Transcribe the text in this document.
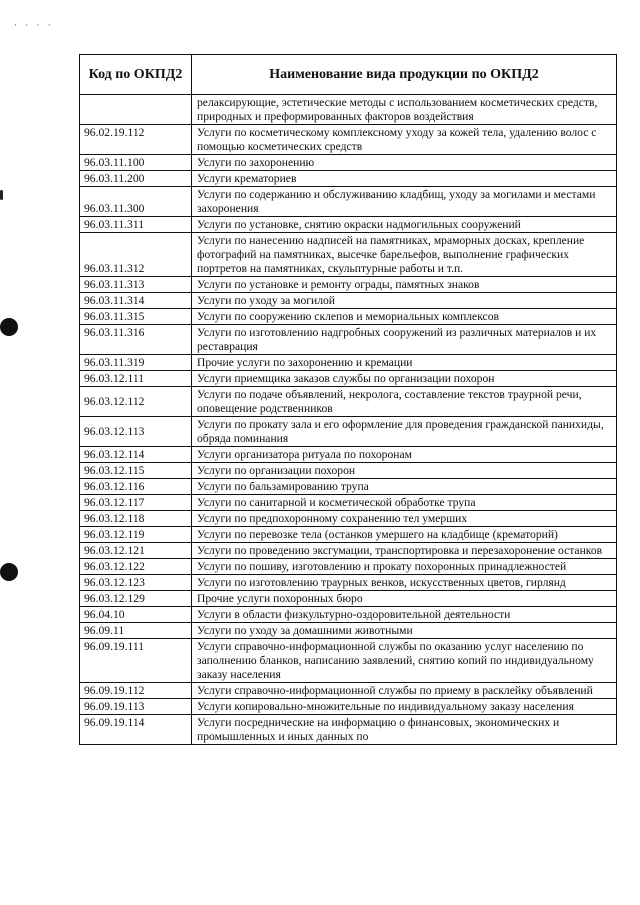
· · · ·
Код по ОКПД2	Наименование вида продукции по ОКПД2
	релаксирующие, эстетические методы с использованием косметических средств, природных и преформированных факторов воздействия
96.02.19.112	Услуги по косметическому комплексному уходу за кожей тела, удалению волос с помощью косметических средств
96.03.11.100	Услуги по захоронению
96.03.11.200	Услуги крематориев
96.03.11.300	Услуги по содержанию и обслуживанию кладбищ, уходу за могилами и местами захоронения
96.03.11.311	Услуги по установке, снятию окраски надмогильных сооружений
96.03.11.312	Услуги по нанесению надписей на памятниках, мраморных досках, крепление фотографий на памятниках, высечке барельефов, выполнение графических портретов на памятниках, скульптурные работы и т.п.
96.03.11.313	Услуги по установке и ремонту ограды, памятных знаков
96.03.11.314	Услуги по уходу за могилой
96.03.11.315	Услуги по сооружению склепов и мемориальных комплексов
96.03.11.316	Услуги по изготовлению надгробных сооружений из различных материалов и их реставрация
96.03.11.319	Прочие услуги по захоронению и кремации
96.03.12.111	Услуги приемщика заказов службы по организации похорон
96.03.12.112	Услуги по подаче объявлений, некролога, составление текстов траурной речи, оповещение родственников
96.03.12.113	Услуги по прокату зала и его оформление для проведения гражданской панихиды, обряда поминания
96.03.12.114	Услуги организатора ритуала по похоронам
96.03.12.115	Услуги по организации похорон
96.03.12.116	Услуги по бальзамированию трупа
96.03.12.117	Услуги по санитарной и косметической обработке трупа
96.03.12.118	Услуги по предпохоронному сохранению тел умерших
96.03.12.119	Услуги по перевозке тела (останков умершего на кладбище (крематорий)
96.03.12.121	Услуги по проведению эксгумации, транспортировка и перезахоронение останков
96.03.12.122	Услуги по пошиву, изготовлению и прокату похоронных принадлежностей
96.03.12.123	Услуги по изготовлению траурных венков, искусственных цветов, гирлянд
96.03.12.129	Прочие услуги похоронных бюро
96.04.10	Услуги в области физкультурно-оздоровительной деятельности
96.09.11	Услуги по уходу за домашними животными
96.09.19.111	Услуги справочно-информационной службы по оказанию услуг населению по заполнению бланков, написанию заявлений, снятию копий по индивидуальному заказу населения
96.09.19.112	Услуги справочно-информационной службы по приему в расклейку объявлений
96.09.19.113	Услуги копировально-множительные по индивидуальному заказу населения
96.09.19.114	Услуги посреднические на информацию о финансовых, экономических и промышленных и иных данных по
